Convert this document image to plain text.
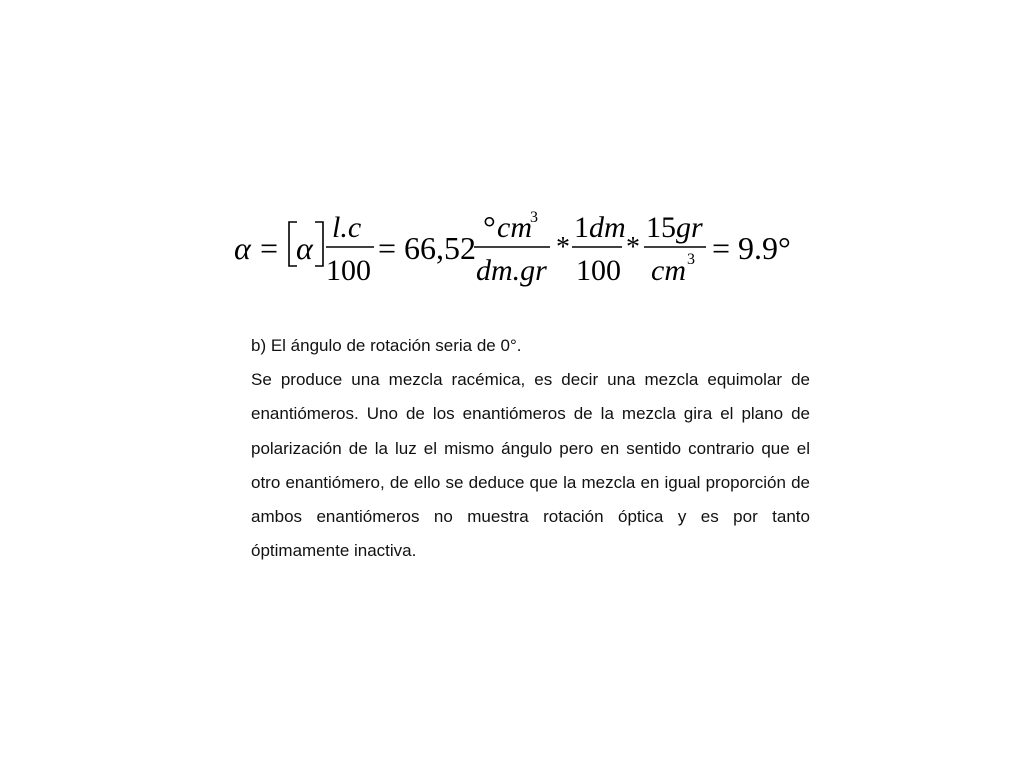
α = α
l.c
100
= 66,52
° cm
3
dm.gr
*
1 dm
100
*
15 gr
cm 3 = 9.9°

b) El ángulo de rotación seria de 0°.

Se produce una mezcla racémica, es decir una mezcla equimolar de enantiómeros. Uno de los enantiómeros de la mezcla gira el plano de polarización de la luz el mismo ángulo pero en sentido contrario que el otro enantiómero, de ello se deduce que la mezcla en igual proporción de ambos enantiómeros no muestra rotación óptica y es por tanto óptimamente inactiva.
